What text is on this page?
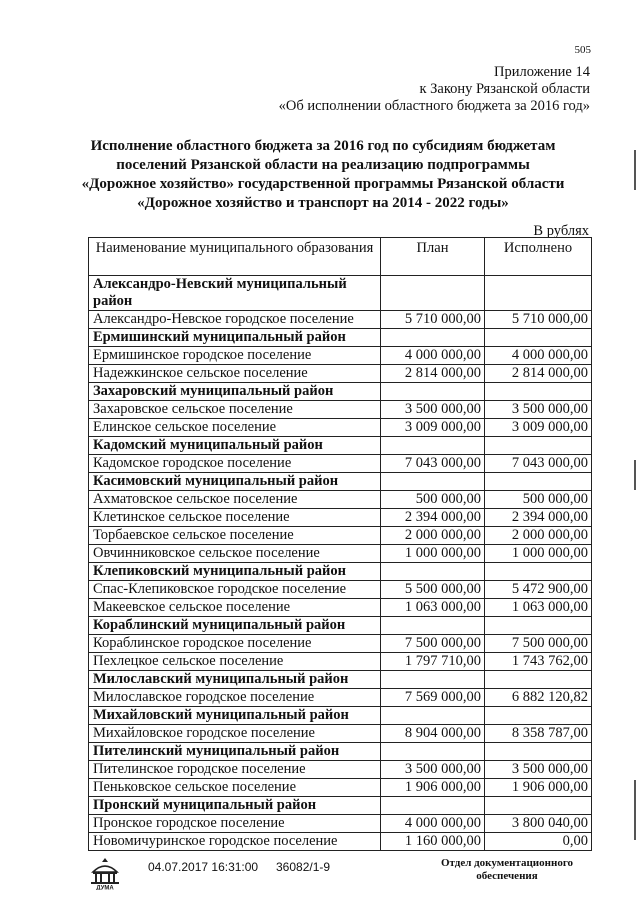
505
Приложение 14
к Закону Рязанской области
«Об исполнении областного бюджета за 2016 год»
Исполнение областного бюджета за 2016 год по субсидиям бюджетам поселений Рязанской области на реализацию подпрограммы «Дорожное хозяйство» государственной программы Рязанской области «Дорожное хозяйство и транспорт на 2014 - 2022 годы»
В рублях
Наименование муниципального образования	План	Исполнено
Александро-Невский муниципальный район		
Александро-Невское городское поселение	5 710 000,00	5 710 000,00
Ермишинский муниципальный район		
Ермишинское городское поселение	4 000 000,00	4 000 000,00
Надежкинское сельское поселение	2 814 000,00	2 814 000,00
Захаровский муниципальный район		
Захаровское сельское поселение	3 500 000,00	3 500 000,00
Елинское сельское поселение	3 009 000,00	3 009 000,00
Кадомский муниципальный район		
Кадомское городское поселение	7 043 000,00	7 043 000,00
Касимовский муниципальный район		
Ахматовское сельское поселение	500 000,00	500 000,00
Клетинское сельское поселение	2 394 000,00	2 394 000,00
Торбаевское сельское поселение	2 000 000,00	2 000 000,00
Овчинниковское сельское поселение	1 000 000,00	1 000 000,00
Клепиковский муниципальный район		
Спас-Клепиковское городское поселение	5 500 000,00	5 472 900,00
Макеевское сельское поселение	1 063 000,00	1 063 000,00
Кораблинский муниципальный район		
Кораблинское городское поселение	7 500 000,00	7 500 000,00
Пехлецкое сельское поселение	1 797 710,00	1 743 762,00
Милославский муниципальный район		
Милославское городское поселение	7 569 000,00	6 882 120,82
Михайловский муниципальный район		
Михайловское городское поселение	8 904 000,00	8 358 787,00
Пителинский муниципальный район		
Пителинское городское поселение	3 500 000,00	3 500 000,00
Пеньковское сельское поселение	1 906 000,00	1 906 000,00
Пронский муниципальный район		
Пронское городское поселение	4 000 000,00	3 800 040,00
Новомичуринское городское поселение	1 160 000,00	0,00
ДУМА
04.07.2017 16:31:00 36082/1-9	Отдел документационного обеспечения
